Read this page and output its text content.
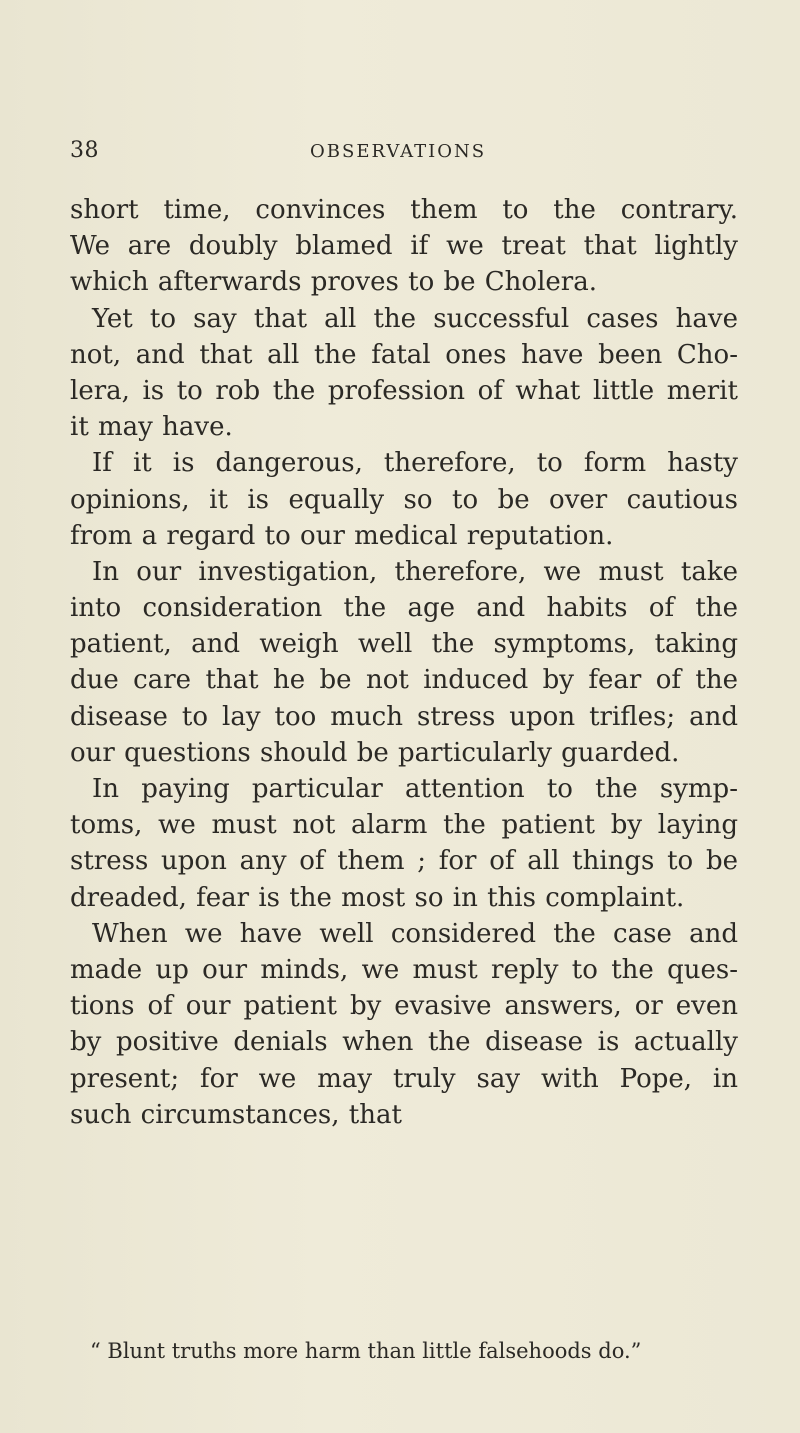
38	OBSERVATIONS
short time, convinces them to the contrary.
We are doubly blamed if we treat that lightly
which afterwards proves to be Cholera.
Yet to say that all the successful cases have
not, and that all the fatal ones have been Cho-
lera, is to rob the profession of what little merit
it may have.
If it is dangerous, therefore, to form hasty
opinions, it is equally so to be over cautious
from a regard to our medical reputation.
In our investigation, therefore, we must take
into consideration the age and habits of the
patient, and weigh well the symptoms, taking
due care that he be not induced by fear of the
disease to lay too much stress upon trifles; and
our questions should be particularly guarded.
In paying particular attention to the symp-
toms, we must not alarm the patient by laying
stress upon any of them ; for of all things to be
dreaded, fear is the most so in this complaint.
When we have well considered the case and
made up our minds, we must reply to the ques-
tions of our patient by evasive answers, or even
by positive denials when the disease is actually
present; for we may truly say with Pope, in
such circumstances, that
“ Blunt truths more harm than little falsehoods do.”
